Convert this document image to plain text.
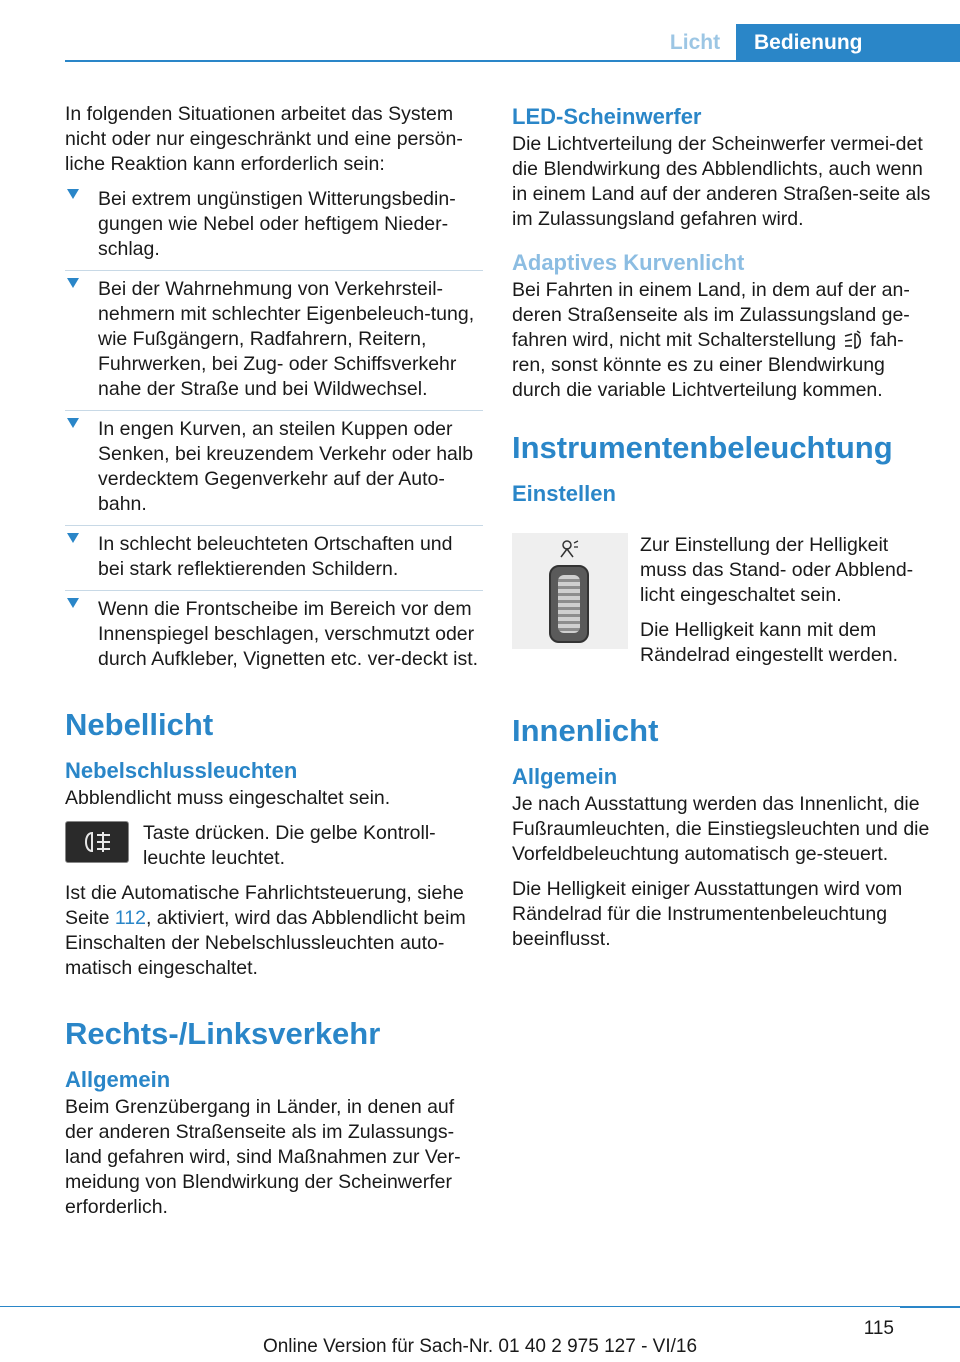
Licht	Bedienung

In folgenden Situationen arbeitet das System nicht oder nur eingeschränkt und eine persön-liche Reaktion kann erforderlich sein:

Bei extrem ungünstigen Witterungsbedin-gungen wie Nebel oder heftigem Nieder-schlag.
Bei der Wahrnehmung von Verkehrsteil-nehmern mit schlechter Eigenbeleuch-tung, wie Fußgängern, Radfahrern, Reitern, Fuhrwerken, bei Zug- oder Schiffsverkehr nahe der Straße und bei Wildwechsel.
In engen Kurven, an steilen Kuppen oder Senken, bei kreuzendem Verkehr oder halb verdecktem Gegenverkehr auf der Auto-bahn.
In schlecht beleuchteten Ortschaften und bei stark reflektierenden Schildern.
Wenn die Frontscheibe im Bereich vor dem Innenspiegel beschlagen, verschmutzt oder durch Aufkleber, Vignetten etc. ver-deckt ist.
Nebellicht
Nebelschlussleuchten

Abblendlicht muss eingeschaltet sein.

Taste drücken. Die gelbe Kontroll-leuchte leuchtet.

Ist die Automatische Fahrlichtsteuerung, siehe Seite 112, aktiviert, wird das Abblendlicht beim Einschalten der Nebelschlussleuchten auto-matisch eingeschaltet.

Rechts-/Linksverkehr
Allgemein

Beim Grenzübergang in Länder, in denen auf der anderen Straßenseite als im Zulassungs-land gefahren wird, sind Maßnahmen zur Ver-meidung von Blendwirkung der Scheinwerfer erforderlich.

LED-Scheinwerfer

Die Lichtverteilung der Scheinwerfer vermei-det die Blendwirkung des Abblendlichts, auch wenn in einem Land auf der anderen Straßen-seite als im Zulassungsland gefahren wird.

Adaptives Kurvenlicht

Bei Fahrten in einem Land, in dem auf der an-deren Straßenseite als im Zulassungsland ge-fahren wird, nicht mit Schalterstellung fah-ren, sonst könnte es zu einer Blendwirkung durch die variable Lichtverteilung kommen.

Instrumentenbeleuchtung
Einstellen

Zur Einstellung der Helligkeit muss das Stand- oder Abblend-licht eingeschaltet sein.

Die Helligkeit kann mit dem Rändelrad eingestellt werden.

Innenlicht
Allgemein

Je nach Ausstattung werden das Innenlicht, die Fußraumleuchten, die Einstiegsleuchten und die Vorfeldbeleuchtung automatisch ge-steuert.

Die Helligkeit einiger Ausstattungen wird vom Rändelrad für die Instrumentenbeleuchtung beeinflusst.

115
Online Version für Sach-Nr. 01 40 2 975 127 - VI/16
